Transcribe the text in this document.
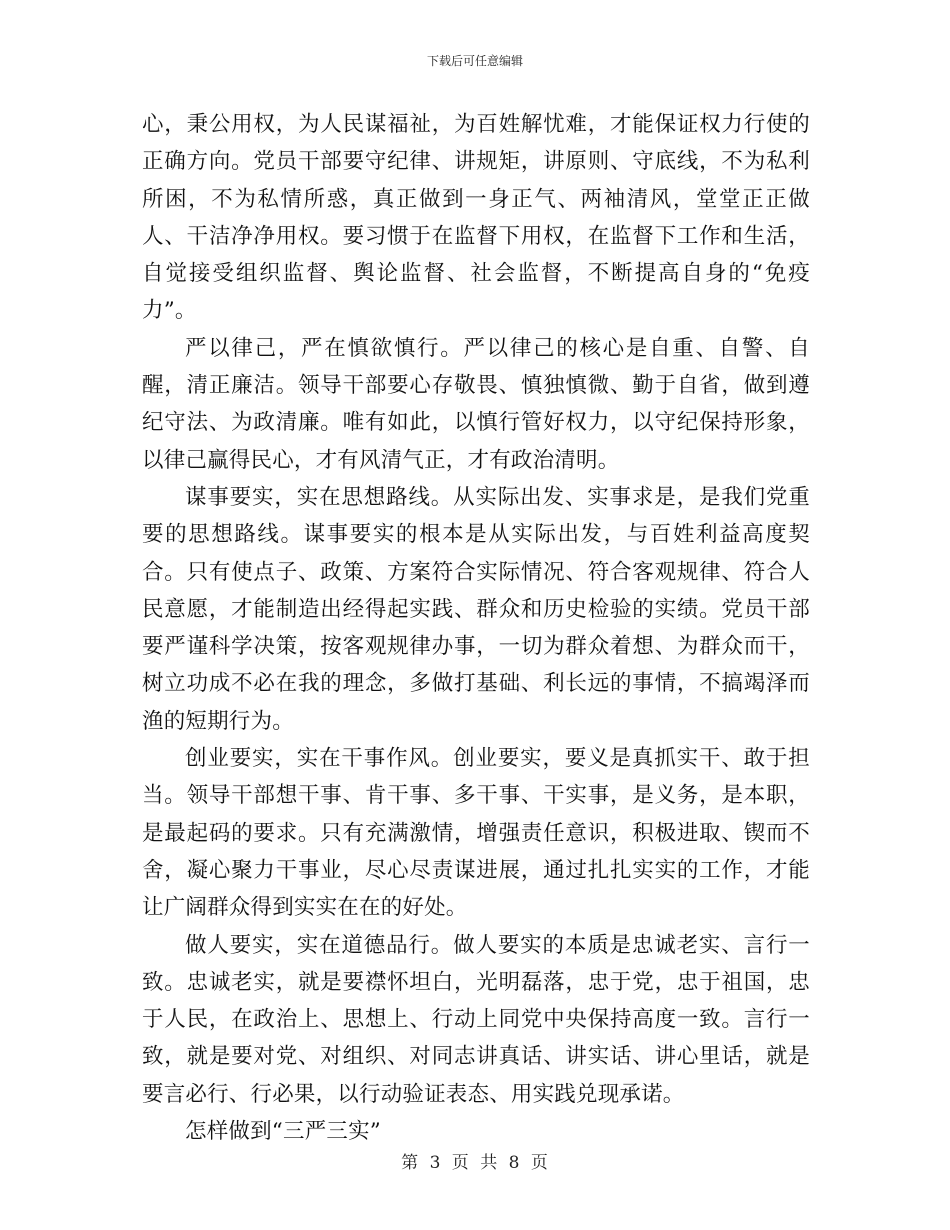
下载后可任意编辑

心，秉公用权，为人民谋福祉，为百姓解忧难，才能保证权力行使的正确方向。党员干部要守纪律、讲规矩，讲原则、守底线，不为私利所困，不为私情所惑，真正做到一身正气、两袖清风，堂堂正正做人、干洁净净用权。要习惯于在监督下用权，在监督下工作和生活，自觉接受组织监督、舆论监督、社会监督，不断提高自身的“免疫力”。

严以律己，严在慎欲慎行。严以律己的核心是自重、自警、自醒，清正廉洁。领导干部要心存敬畏、慎独慎微、勤于自省，做到遵纪守法、为政清廉。唯有如此，以慎行管好权力，以守纪保持形象，以律己赢得民心，才有风清气正，才有政治清明。

谋事要实，实在思想路线。从实际出发、实事求是，是我们党重要的思想路线。谋事要实的根本是从实际出发，与百姓利益高度契合。只有使点子、政策、方案符合实际情况、符合客观规律、符合人民意愿，才能制造出经得起实践、群众和历史检验的实绩。党员干部要严谨科学决策，按客观规律办事，一切为群众着想、为群众而干，树立功成不必在我的理念，多做打基础、利长远的事情，不搞竭泽而渔的短期行为。

创业要实，实在干事作风。创业要实，要义是真抓实干、敢于担当。领导干部想干事、肯干事、多干事、干实事，是义务，是本职，是最起码的要求。只有充满激情，增强责任意识，积极进取、锲而不舍，凝心聚力干事业，尽心尽责谋进展，通过扎扎实实的工作，才能让广阔群众得到实实在在的好处。

做人要实，实在道德品行。做人要实的本质是忠诚老实、言行一致。忠诚老实，就是要襟怀坦白，光明磊落，忠于党，忠于祖国，忠于人民，在政治上、思想上、行动上同党中央保持高度一致。言行一致，就是要对党、对组织、对同志讲真话、讲实话、讲心里话，就是要言必行、行必果，以行动验证表态、用实践兑现承诺。

怎样做到“三严三实”

第 3 页 共 8 页
